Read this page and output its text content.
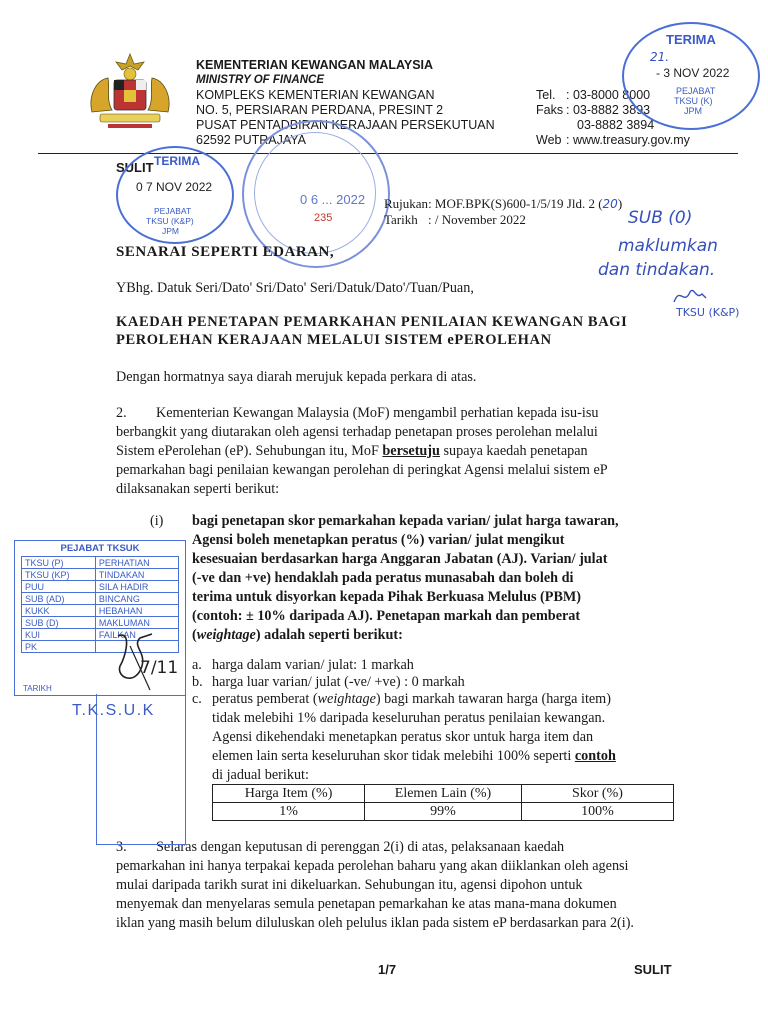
KEMENTERIAN KEWANGAN MALAYSIA
MINISTRY OF FINANCE
KOMPLEKS KEMENTERIAN KEWANGAN
NO. 5, PERSIARAN PERDANA, PRESINT 2
PUSAT PENTADBIRAN KERAJAAN PERSEKUTUAN
62592 PUTRAJAYA
Tel. : 03-8000 8000
Faks : 03-8882 3893
03-8882 3894
Web : www.treasury.gov.my
TERIMA
21.
- 3 NOV 2022
PEJABAT
TKSU (K)
JPM
0 6 ... 2022
235
SULIT TERIMA
0 7 NOV 2022
PEJABAT
TKSU (K&P)
JPM
Rujukan: MOF.BPK(S)600-1/5/19 Jld. 2 (20)
Tarikh : / November 2022	SUB (0)
maklumkan
dan tindakan.
TKSU (K&P)
SENARAI SEPERTI EDARAN,
YBhg. Datuk Seri/Dato' Sri/Dato' Seri/Datuk/Dato'/Tuan/Puan,
KAEDAH PENETAPAN PEMARKAHAN PENILAIAN KEWANGAN BAGI
PEROLEHAN KERAJAAN MELALUI SISTEM ePEROLEHAN
Dengan hormatnya saya diarah merujuk kepada perkara di atas.
2. Kementerian Kewangan Malaysia (MoF) mengambil perhatian kepada isu-isu
berbangkit yang diutarakan oleh agensi terhadap penetapan proses perolehan melalui
Sistem ePerolehan (eP). Sehubungan itu, MoF bersetuju supaya kaedah penetapan
pemarkahan bagi penilaian kewangan perolehan di peringkat Agensi melalui sistem eP
dilaksanakan seperti berikut:
(i) bagi penetapan skor pemarkahan kepada varian/ julat harga tawaran,
Agensi boleh menetapkan peratus (%) varian/ julat mengikut
kesesuaian berdasarkan harga Anggaran Jabatan (AJ). Varian/ julat
(-ve dan +ve) hendaklah pada peratus munasabah dan boleh di
terima untuk disyorkan kepada Pihak Berkuasa Melulus (PBM)
(contoh: ± 10% daripada AJ). Penetapan markah dan pemberat
(weightage) adalah seperti berikut:
a. harga dalam varian/ julat: 1 markah
b. harga luar varian/ julat (-ve/ +ve) : 0 markah
c. peratus pemberat (weightage) bagi markah tawaran harga (harga item)
tidak melebihi 1% daripada keseluruhan peratus penilaian kewangan.
Agensi dikehendaki menetapkan peratus skor untuk harga item dan
elemen lain serta keseluruhan skor tidak melebihi 100% seperti contoh
di jadual berikut:
Harga Item (%)	Elemen Lain (%)	Skor (%)
1%	99%	100%
3. Selaras dengan keputusan di perenggan 2(i) di atas, pelaksanaan kaedah
pemarkahan ini hanya terpakai kepada perolehan baharu yang akan diiklankan oleh agensi
mulai daripada tarikh surat ini dikeluarkan. Sehubungan itu, agensi dipohon untuk
menyemak dan menyelaras semula penetapan pemarkahan ke atas mana-mana dokumen
iklan yang masih belum diluluskan oleh pelulus iklan pada sistem eP berdasarkan para 2(i).
PEJABAT TKSUK
TKSU (P)	PERHATIAN
TKSU (KP)	TINDAKAN
PUU	SILA HADIR
SUB (AD)	BINCANG
KUKK	HEBAHAN
SUB (D)	MAKLUMAN
KUI	FAILKAN
PK	
TARIKH
T.K.S.U.K
7/11
1/7	SULIT
